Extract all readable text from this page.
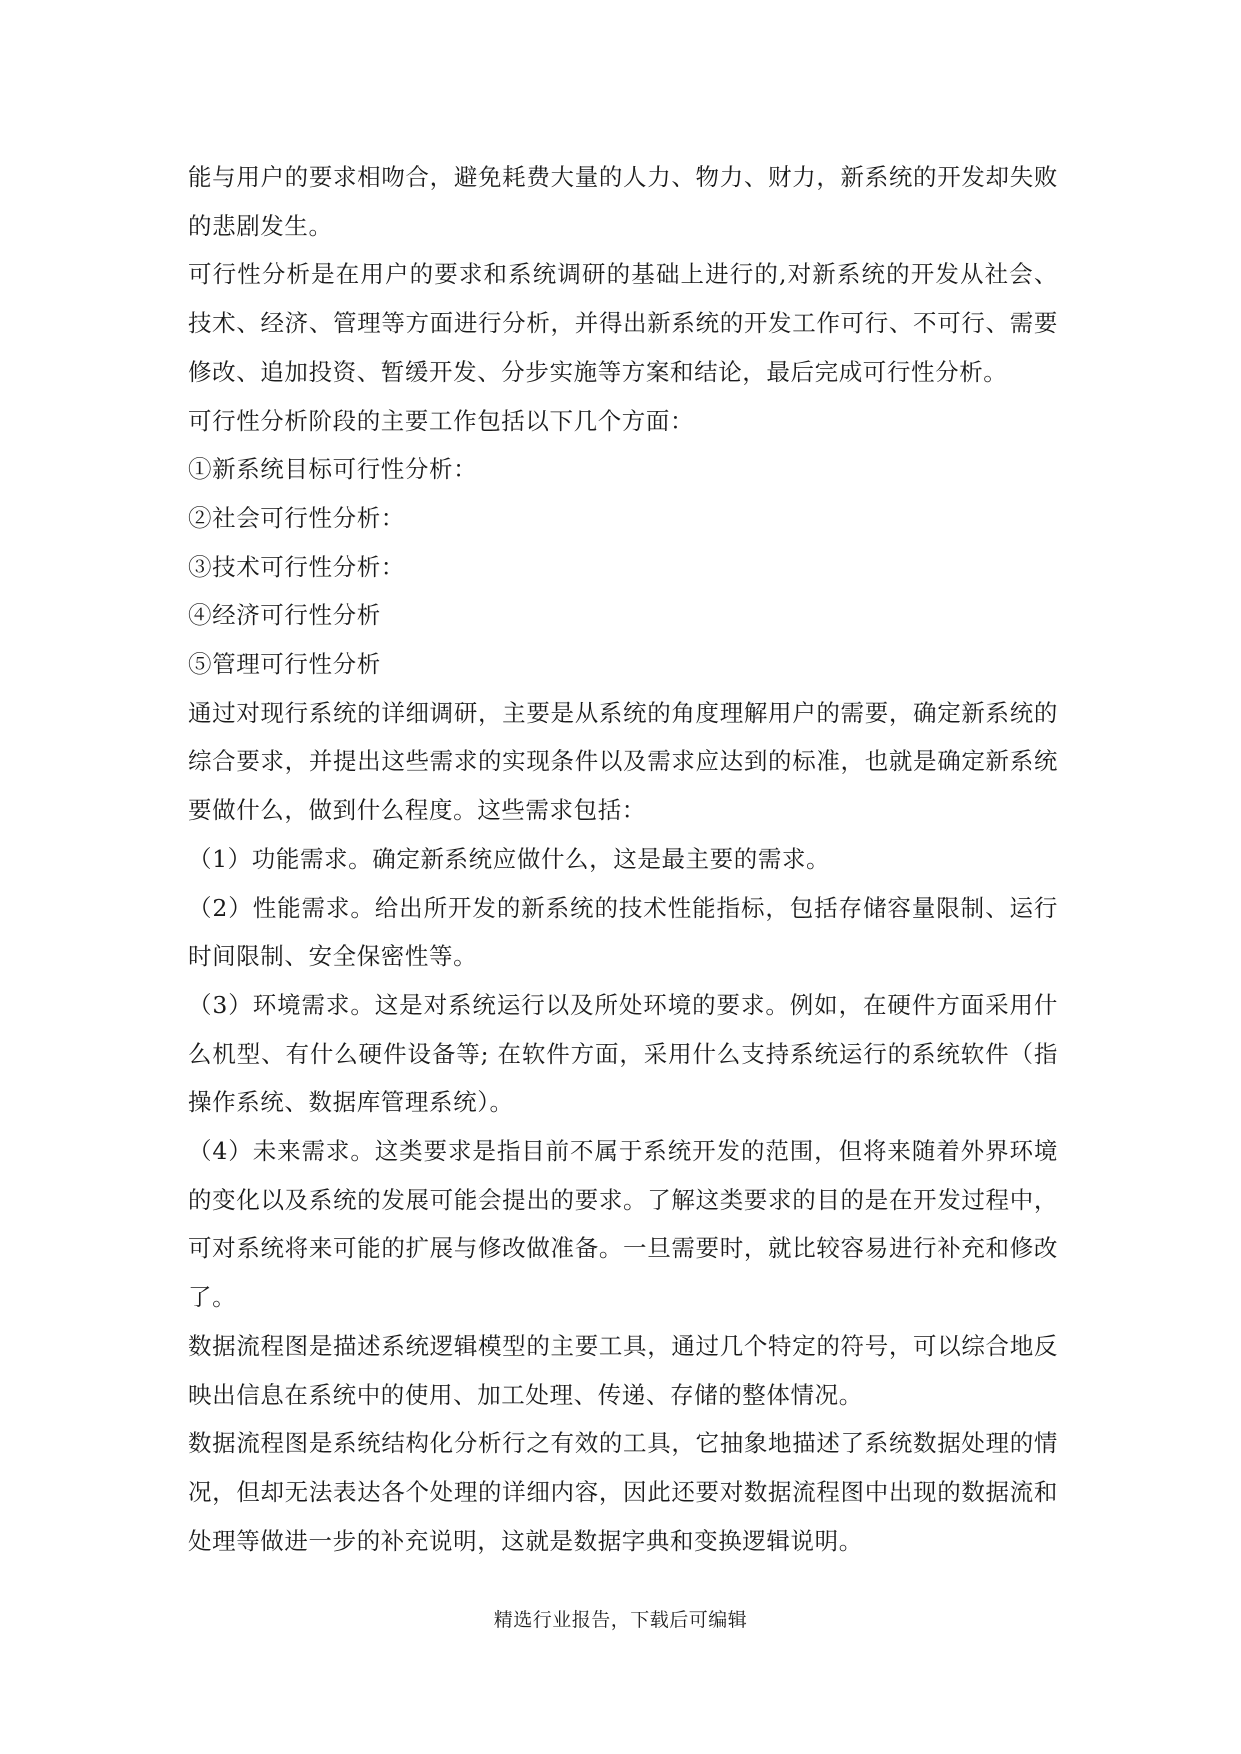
能与用户的要求相吻合，避免耗费大量的人力、物力、财力，新系统的开发却失败的悲剧发生。

可行性分析是在用户的要求和系统调研的基础上进行的,对新系统的开发从社会、技术、经济、管理等方面进行分析，并得出新系统的开发工作可行、不可行、需要修改、追加投资、暂缓开发、分步实施等方案和结论，最后完成可行性分析。

可行性分析阶段的主要工作包括以下几个方面：

①新系统目标可行性分析：

②社会可行性分析：

③技术可行性分析：

④经济可行性分析

⑤管理可行性分析

通过对现行系统的详细调研，主要是从系统的角度理解用户的需要，确定新系统的综合要求，并提出这些需求的实现条件以及需求应达到的标准，也就是确定新系统要做什么，做到什么程度。这些需求包括：

（1）功能需求。确定新系统应做什么，这是最主要的需求。

（2）性能需求。给出所开发的新系统的技术性能指标，包括存储容量限制、运行时间限制、安全保密性等。

（3）环境需求。这是对系统运行以及所处环境的要求。例如，在硬件方面采用什么机型、有什么硬件设备等; 在软件方面，采用什么支持系统运行的系统软件（指操作系统、数据库管理系统）。

（4）未来需求。这类要求是指目前不属于系统开发的范围，但将来随着外界环境的变化以及系统的发展可能会提出的要求。了解这类要求的目的是在开发过程中，可对系统将来可能的扩展与修改做准备。一旦需要时，就比较容易进行补充和修改了。

数据流程图是描述系统逻辑模型的主要工具，通过几个特定的符号，可以综合地反映出信息在系统中的使用、加工处理、传递、存储的整体情况。

数据流程图是系统结构化分析行之有效的工具，它抽象地描述了系统数据处理的情况，但却无法表达各个处理的详细内容，因此还要对数据流程图中出现的数据流和处理等做进一步的补充说明，这就是数据字典和变换逻辑说明。

精选行业报告，下载后可编辑
